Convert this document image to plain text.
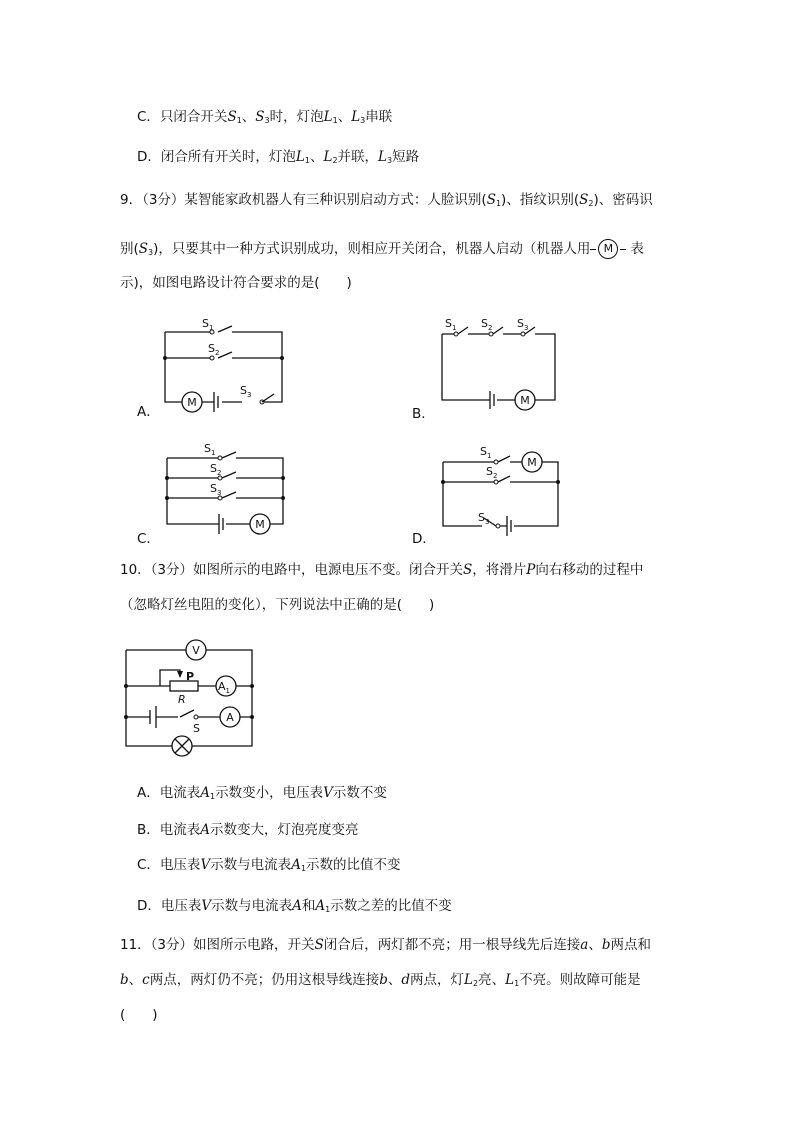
C．只闭合开关$S_1$、$S_3$时，灯泡$L_1$、$L_3$串联
D．闭合所有开关时，灯泡$L_1$、$L_2$并联，$L_3$短路
9．（3分）某智能家政机器人有三种识别启动方式：人脸识别$(S_1)$、指纹识别$(S_2)$、密码识
别$(S_3)$，只要其中一种方式识别成功，则相应开关闭合，机器人启动（机器人用 M 表
示)，如图电路设计符合要求的是(　　)
A．
M
$S_1$
$S_2$
$S_3$
B．
M
$S_1$ $S_2$ $S_3$
C．
M
$S_1$
$S_2$
$S_3$
D．
M
$S_1$
$S_2$
$S_3$
10．（3分）如图所示的电路中，电源电压不变。闭合开关S，将滑片P向右移动的过程中
（忽略灯丝电阻的变化），下列说法中正确的是(　　)
V
$A_1$
A
P
R
S
A．电流表$A_1$示数变小，电压表V示数不变
B．电流表A示数变大，灯泡亮度变亮
C．电压表V示数与电流表$A_1$示数的比值不变
D．电压表V示数与电流表A和$A_1$示数之差的比值不变
11．（3分）如图所示电路，开关S闭合后，两灯都不亮；用一根导线先后连接a、b两点和
b、c两点，两灯仍不亮；仍用这根导线连接b、d两点，灯$L_2$亮、$L_1$不亮。则故障可能是
(　　)
